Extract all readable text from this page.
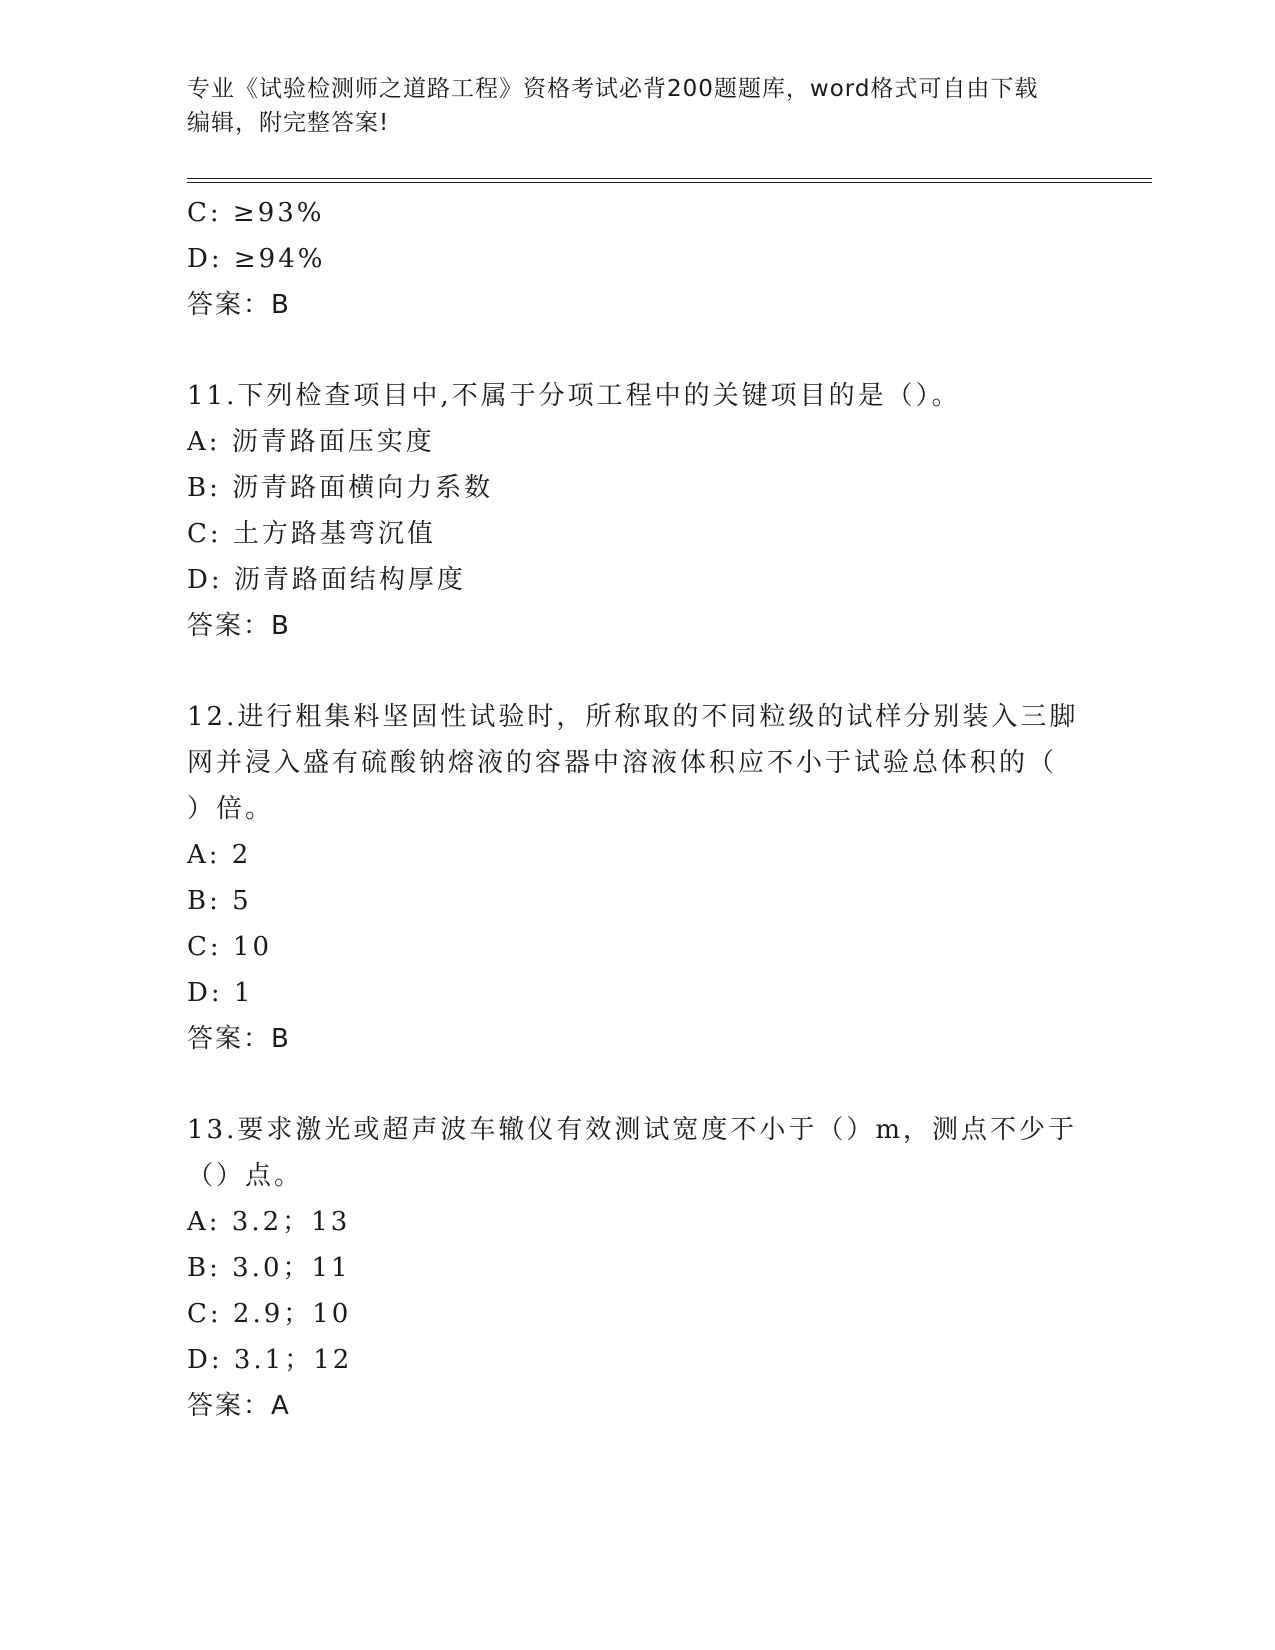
专业《试验检测师之道路工程》资格考试必背200题题库，word格式可自由下载
编辑，附完整答案!
C: ≥93%
D: ≥94%
答案：B
11.下列检查项目中,不属于分项工程中的关键项目的是（）。
A: 沥青路面压实度
B: 沥青路面横向力系数
C: 土方路基弯沉值
D: 沥青路面结构厚度
答案：B
12.进行粗集料坚固性试验时，所称取的不同粒级的试样分别装入三脚
网并浸入盛有硫酸钠熔液的容器中溶液体积应不小于试验总体积的（
）倍。
A: 2
B: 5
C: 10
D: 1
答案：B
13.要求激光或超声波车辙仪有效测试宽度不小于（）m，测点不少于
（）点。
A: 3.2；13
B: 3.0；11
C: 2.9；10
D: 3.1；12
答案：A
